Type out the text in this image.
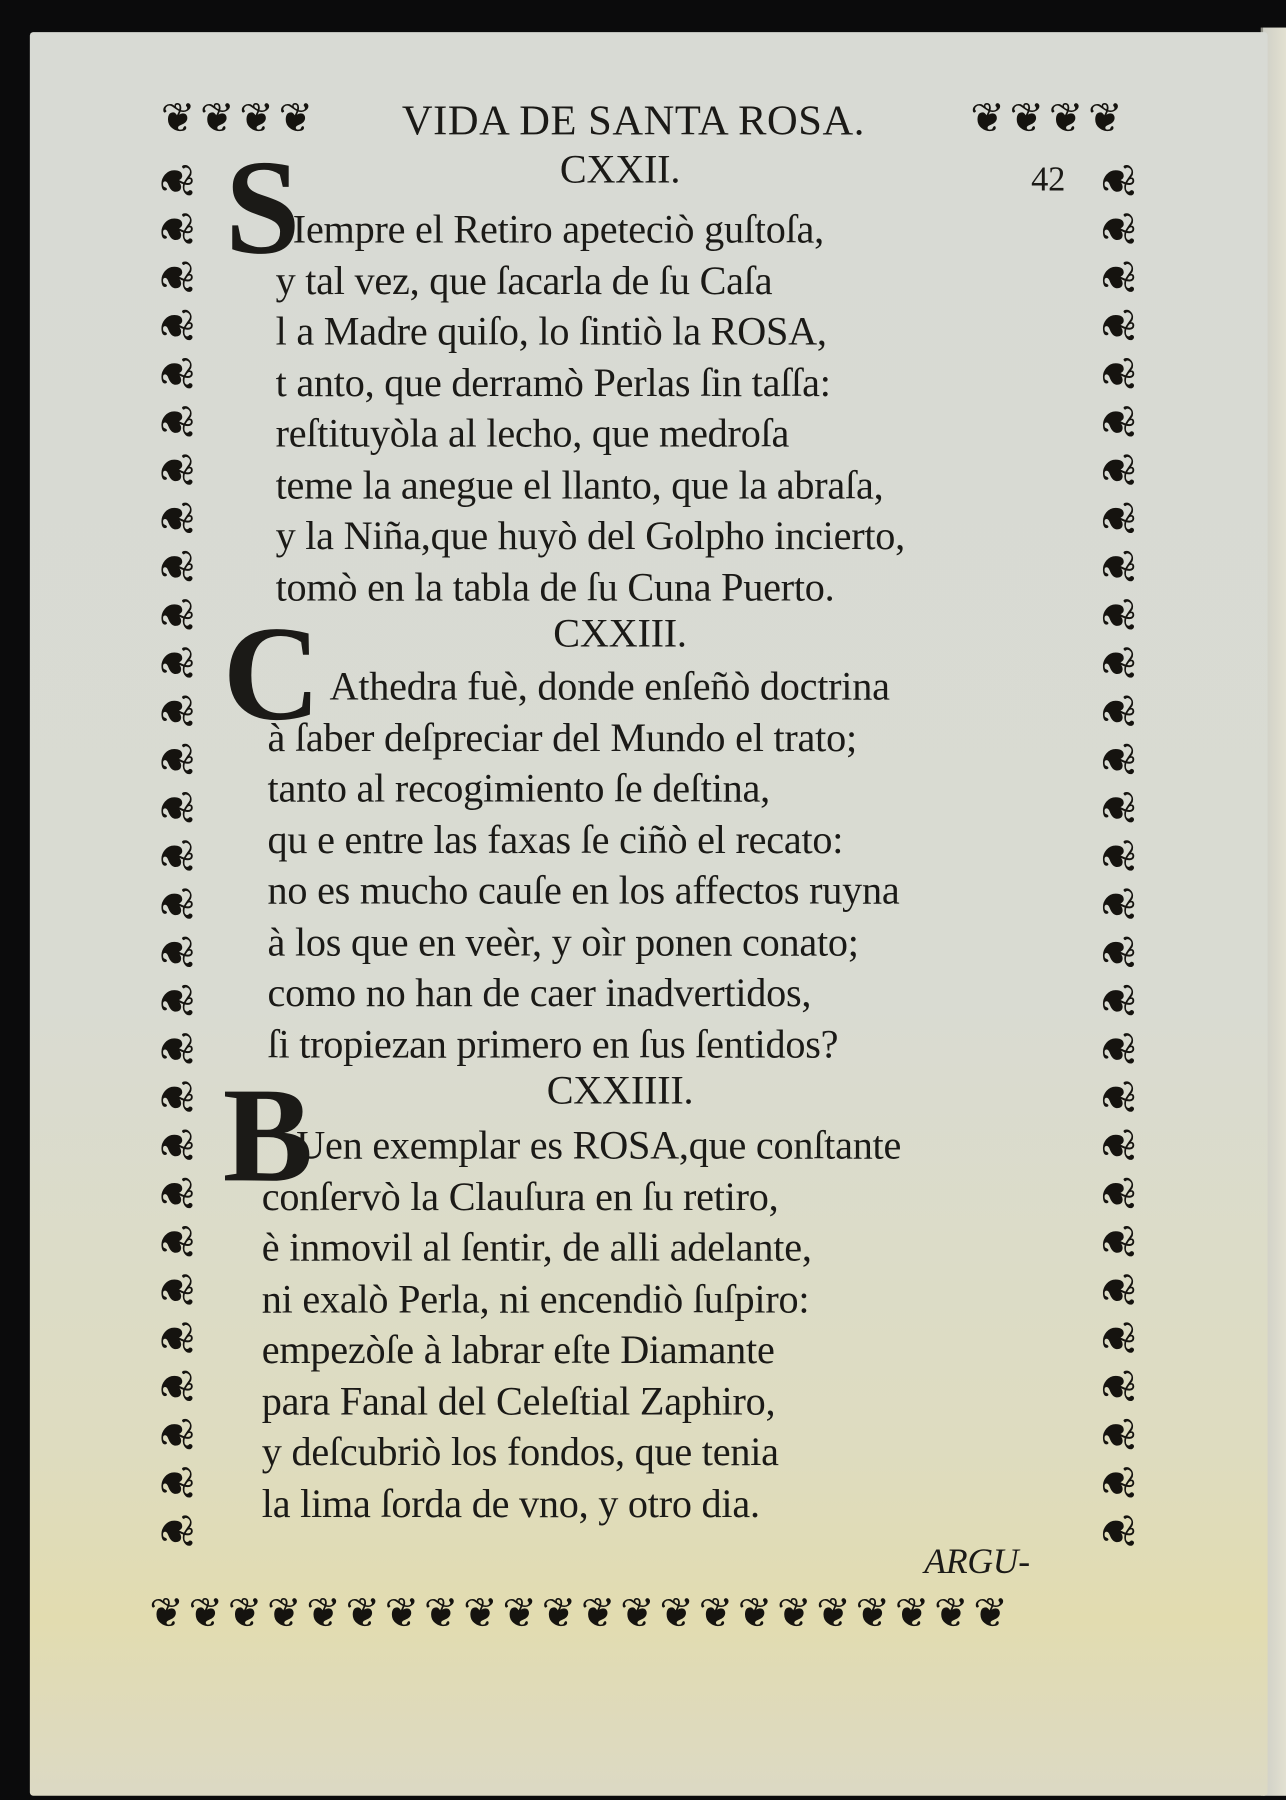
❦
❦
❦
❦
❦
❦
❦
❦
❦
❦
❦
❦
❦
❦
❦
❦
❦
❦
❦
❦
❦
❦
❦
❦
❦
❦
❦
❦
❦
❦
❦
❦
❦
❦
❦
❦
❦
❦
❦
❦
❦
❦
❦
❦
❦
❦
❦
❦
❦
❦
❦
❦
❦
❦
❦
❦
❦
❦
❦
❦
❦
❦
❦
❦
❦
❦
❦
❦
❦
❦
❦
❦
❦
❦
❦
❦
❦
❦
❦
❦
❦
❦
❦
❦
❦
❦
❦
❦
VIDA DE SANTA ROSA.
42
CXXII.
S
Iempre el Retiro apeteciò guſtoſa,
y tal vez, que ſacarla de ſu Caſa
l a Madre quiſo, lo ſintiò la ROSA,
t anto, que derramò Perlas ſin taſſa:
reſtituyòla al lecho, que medroſa
teme la anegue el llanto, que la abraſa,
y la Niña,que huyò del Golpho incierto,
tomò en la tabla de ſu Cuna Puerto.
CXXIII.
C Athedra fuè, donde enſeñò doctrina
à ſaber deſpreciar del Mundo el trato;
tanto al recogimiento ſe deſtina,
qu e entre las faxas ſe ciñò el recato:
no es mucho cauſe en los affectos ruyna
à los que en veèr, y oìr ponen conato;
como no han de caer inadvertidos,
ſi tropiezan primero en ſus ſentidos?
CXXIIII.
B
Uen exemplar es ROSA,que conſtante
conſervò la Clauſura en ſu retiro,
è inmovil al ſentir, de alli adelante,
ni exalò Perla, ni encendiò ſuſpiro:
empezòſe à labrar eſte Diamante
para Fanal del Celeſtial Zaphiro,
y deſcubriò los fondos, que tenia
la lima ſorda de vno, y otro dia.
ARGU-
